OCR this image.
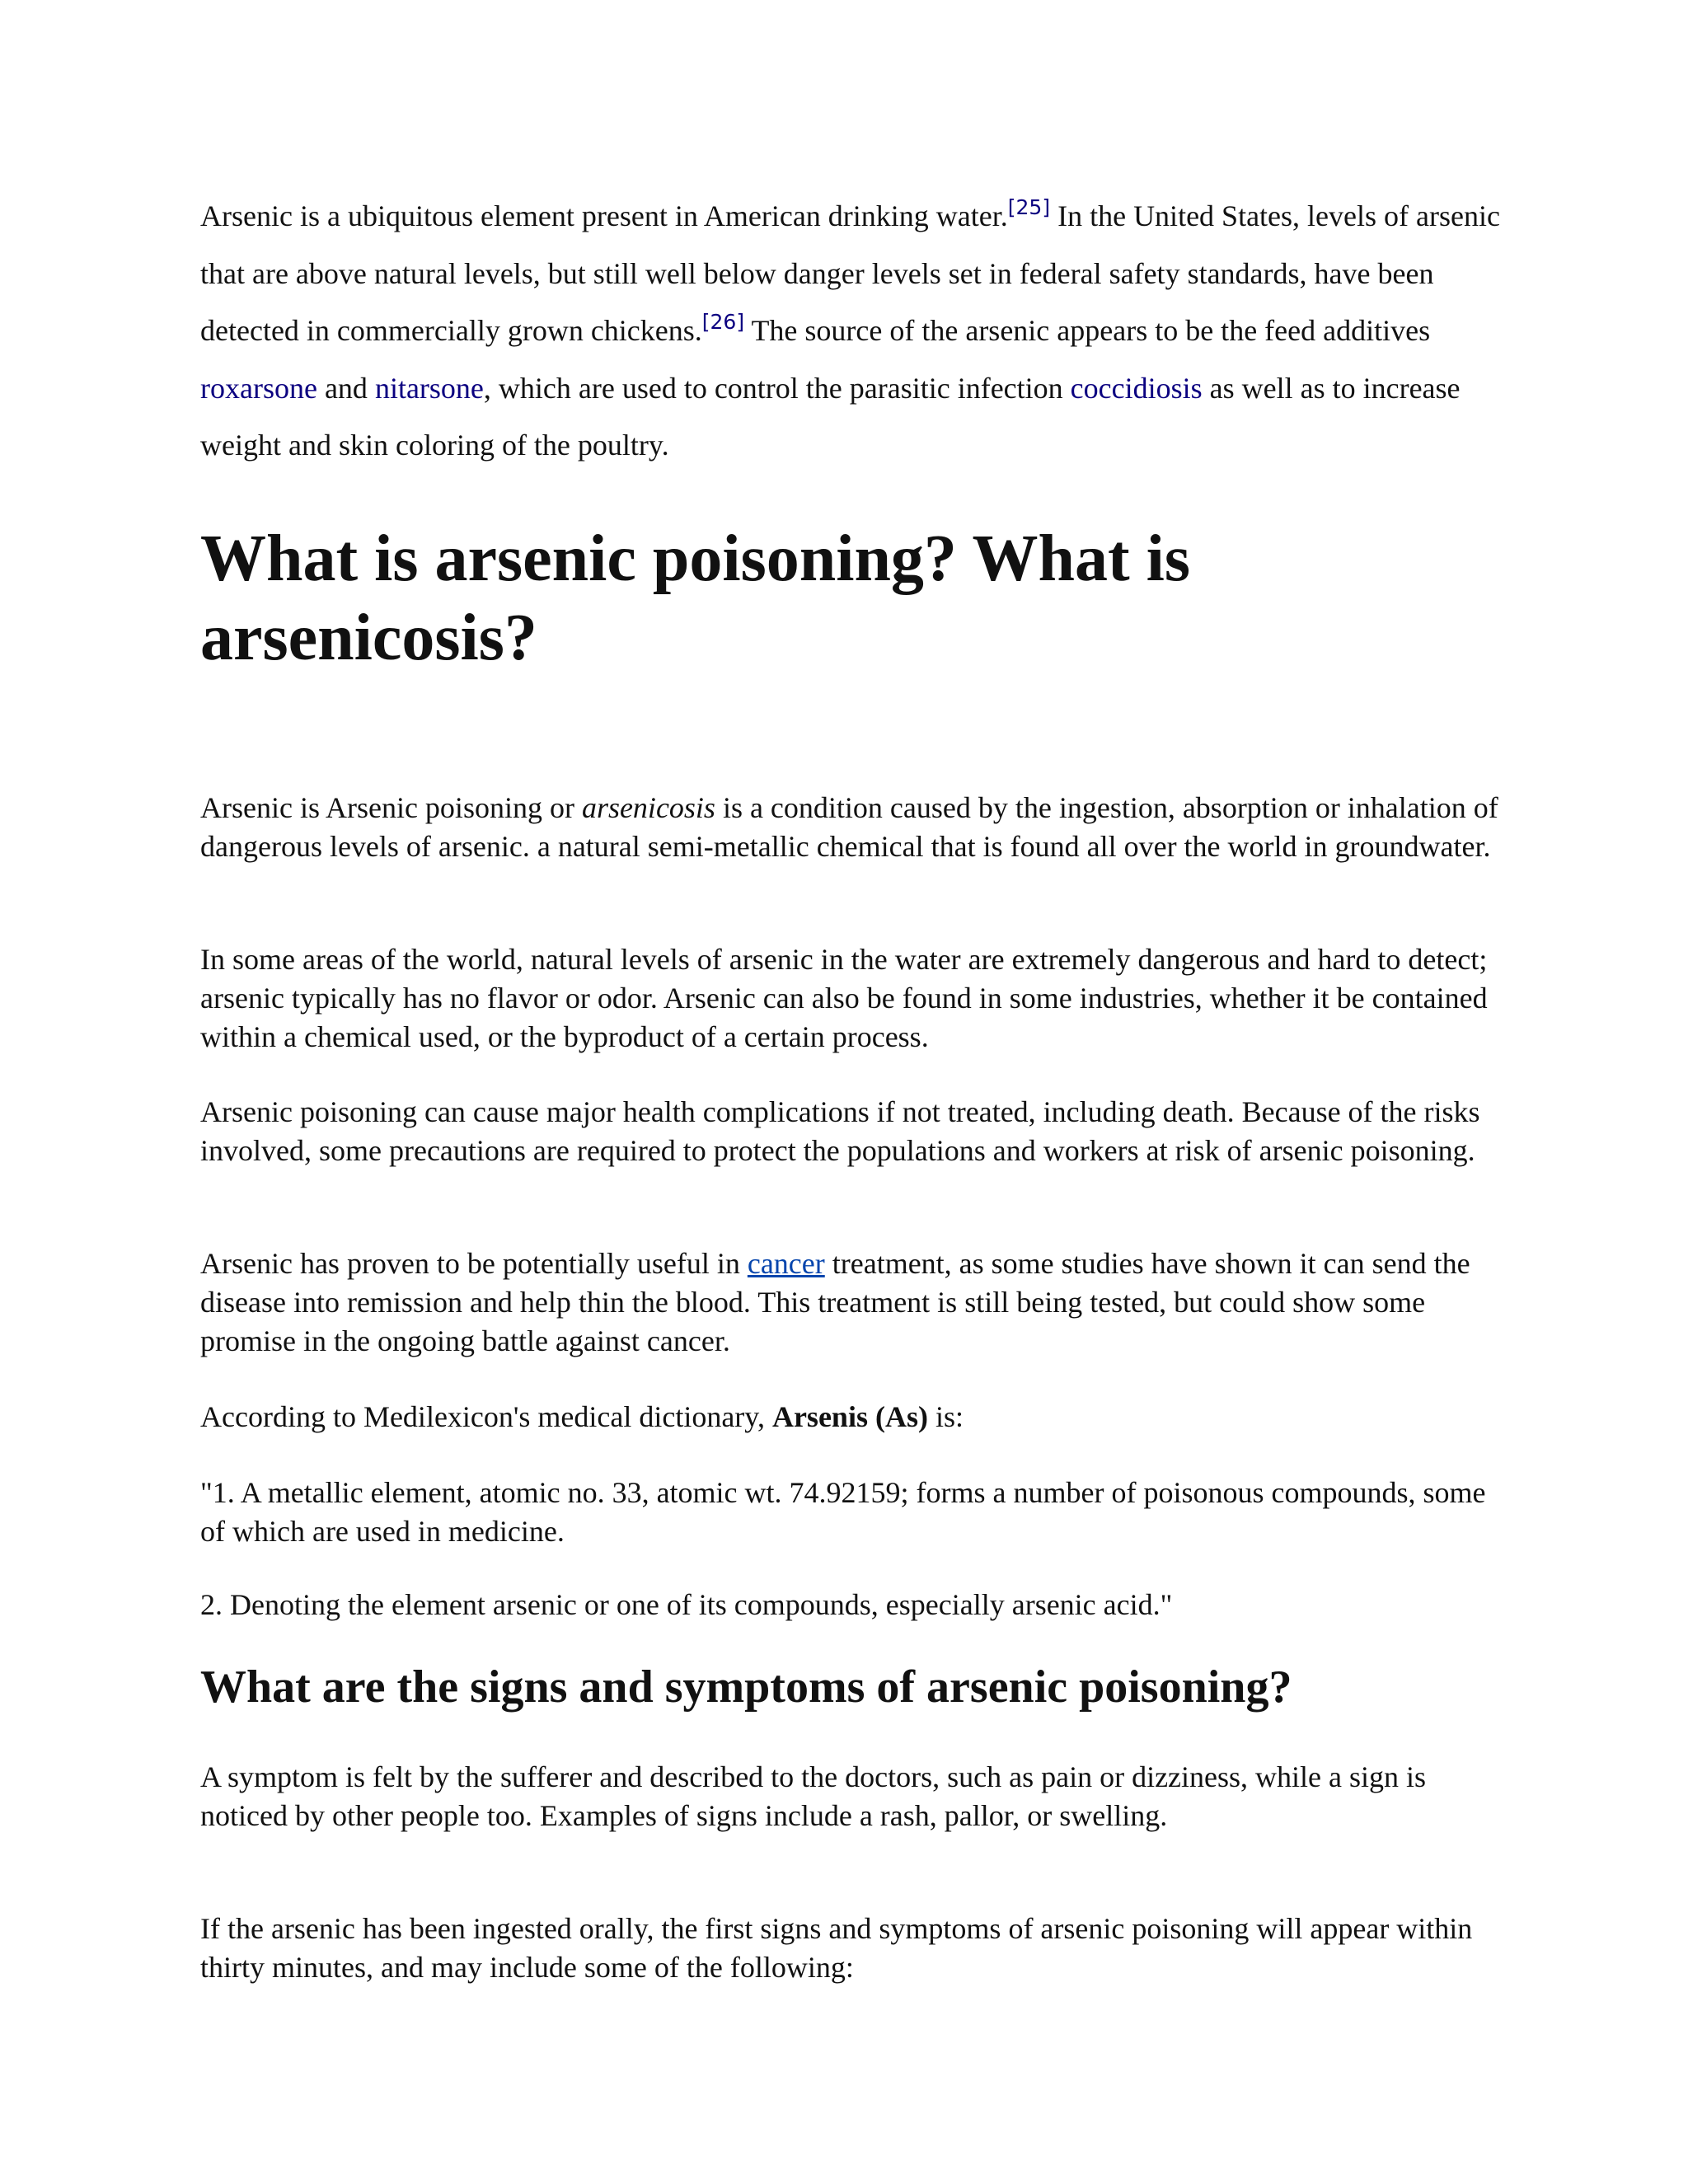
Arsenic is a ubiquitous element present in American drinking water.[25] In the United States, levels of arsenic that are above natural levels, but still well below danger levels set in federal safety standards, have been detected in commercially grown chickens.[26] The source of the arsenic appears to be the feed additives roxarsone and nitarsone, which are used to control the parasitic infection coccidiosis as well as to increase weight and skin coloring of the poultry.

What is arsenic poisoning? What is arsenicosis?

Arsenic is Arsenic poisoning or arsenicosis is a condition caused by the ingestion, absorption or inhalation of dangerous levels of arsenic. a natural semi-metallic chemical that is found all over the world in groundwater.

In some areas of the world, natural levels of arsenic in the water are extremely dangerous and hard to detect; arsenic typically has no flavor or odor. Arsenic can also be found in some industries, whether it be contained within a chemical used, or the byproduct of a certain process.

Arsenic poisoning can cause major health complications if not treated, including death. Because of the risks involved, some precautions are required to protect the populations and workers at risk of arsenic poisoning.

Arsenic has proven to be potentially useful in cancer treatment, as some studies have shown it can send the disease into remission and help thin the blood. This treatment is still being tested, but could show some promise in the ongoing battle against cancer.

According to Medilexicon's medical dictionary, Arsenis (As) is:

"1. A metallic element, atomic no. 33, atomic wt. 74.92159; forms a number of poisonous compounds, some of which are used in medicine.

2. Denoting the element arsenic or one of its compounds, especially arsenic acid."

What are the signs and symptoms of arsenic poisoning?

A symptom is felt by the sufferer and described to the doctors, such as pain or dizziness, while a sign is noticed by other people too. Examples of signs include a rash, pallor, or swelling.

If the arsenic has been ingested orally, the first signs and symptoms of arsenic poisoning will appear within thirty minutes, and may include some of the following:
